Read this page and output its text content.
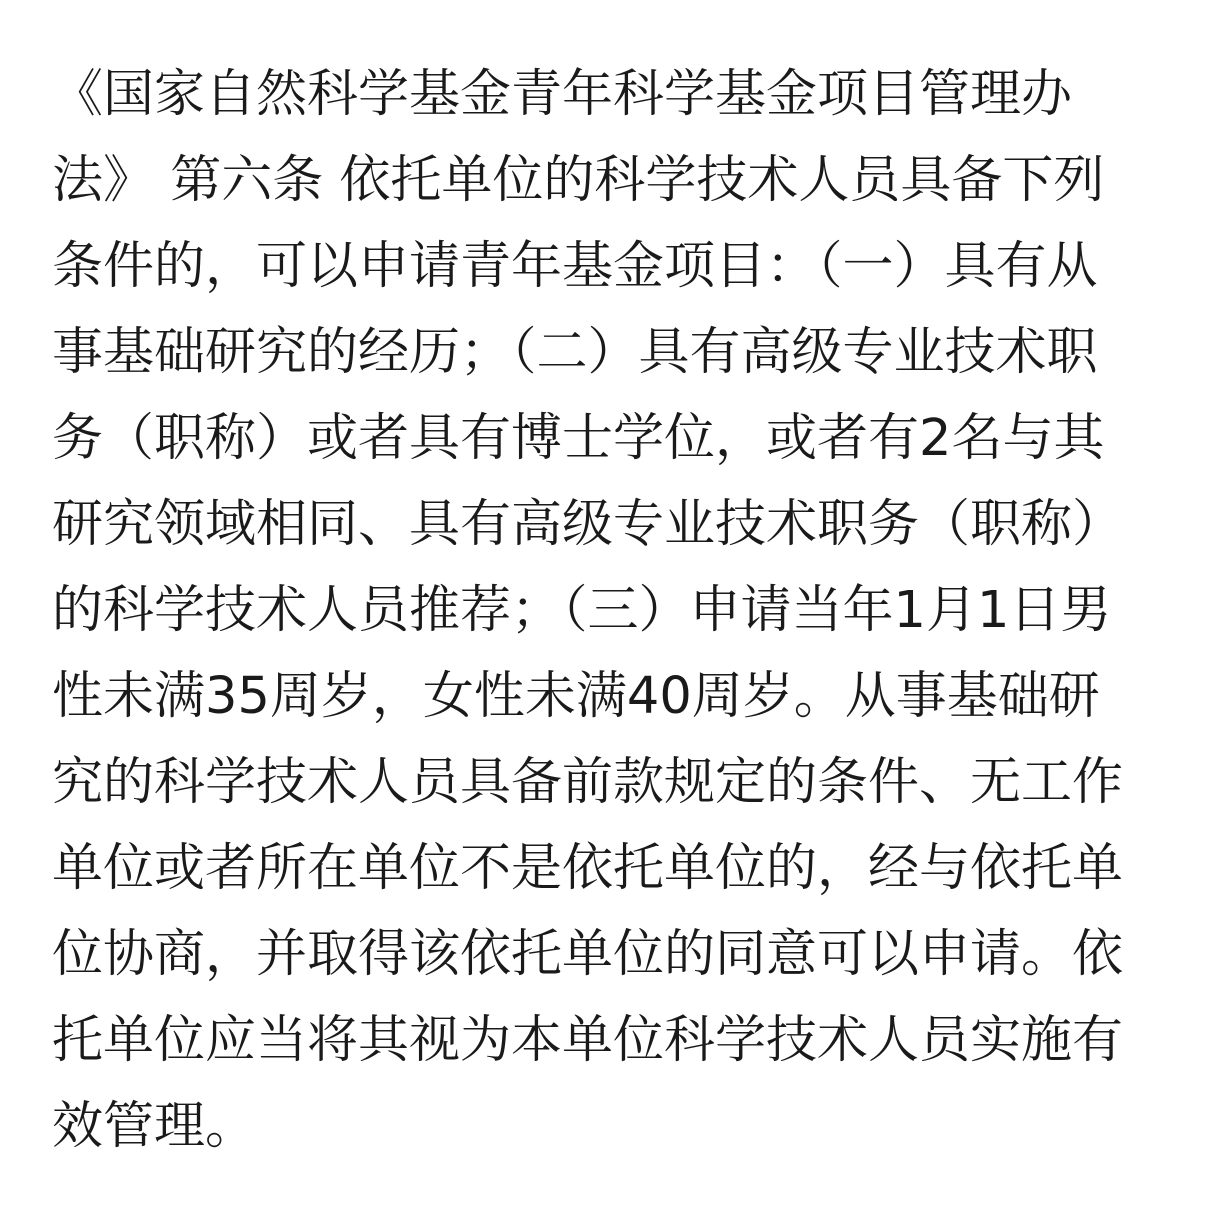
《国家自然科学基金青年科学基金项目管理办
法》 第六条 依托单位的科学技术人员具备下列
条件的，可以申请青年基金项目：（一）具有从
事基础研究的经历；（二）具有高级专业技术职
务（职称）或者具有博士学位，或者有2名与其
研究领域相同、具有高级专业技术职务（职称）
的科学技术人员推荐；（三）申请当年1月1日男
性未满35周岁，女性未满40周岁。从事基础研
究的科学技术人员具备前款规定的条件、无工作
单位或者所在单位不是依托单位的，经与依托单
位协商，并取得该依托单位的同意可以申请。依
托单位应当将其视为本单位科学技术人员实施有
效管理。
